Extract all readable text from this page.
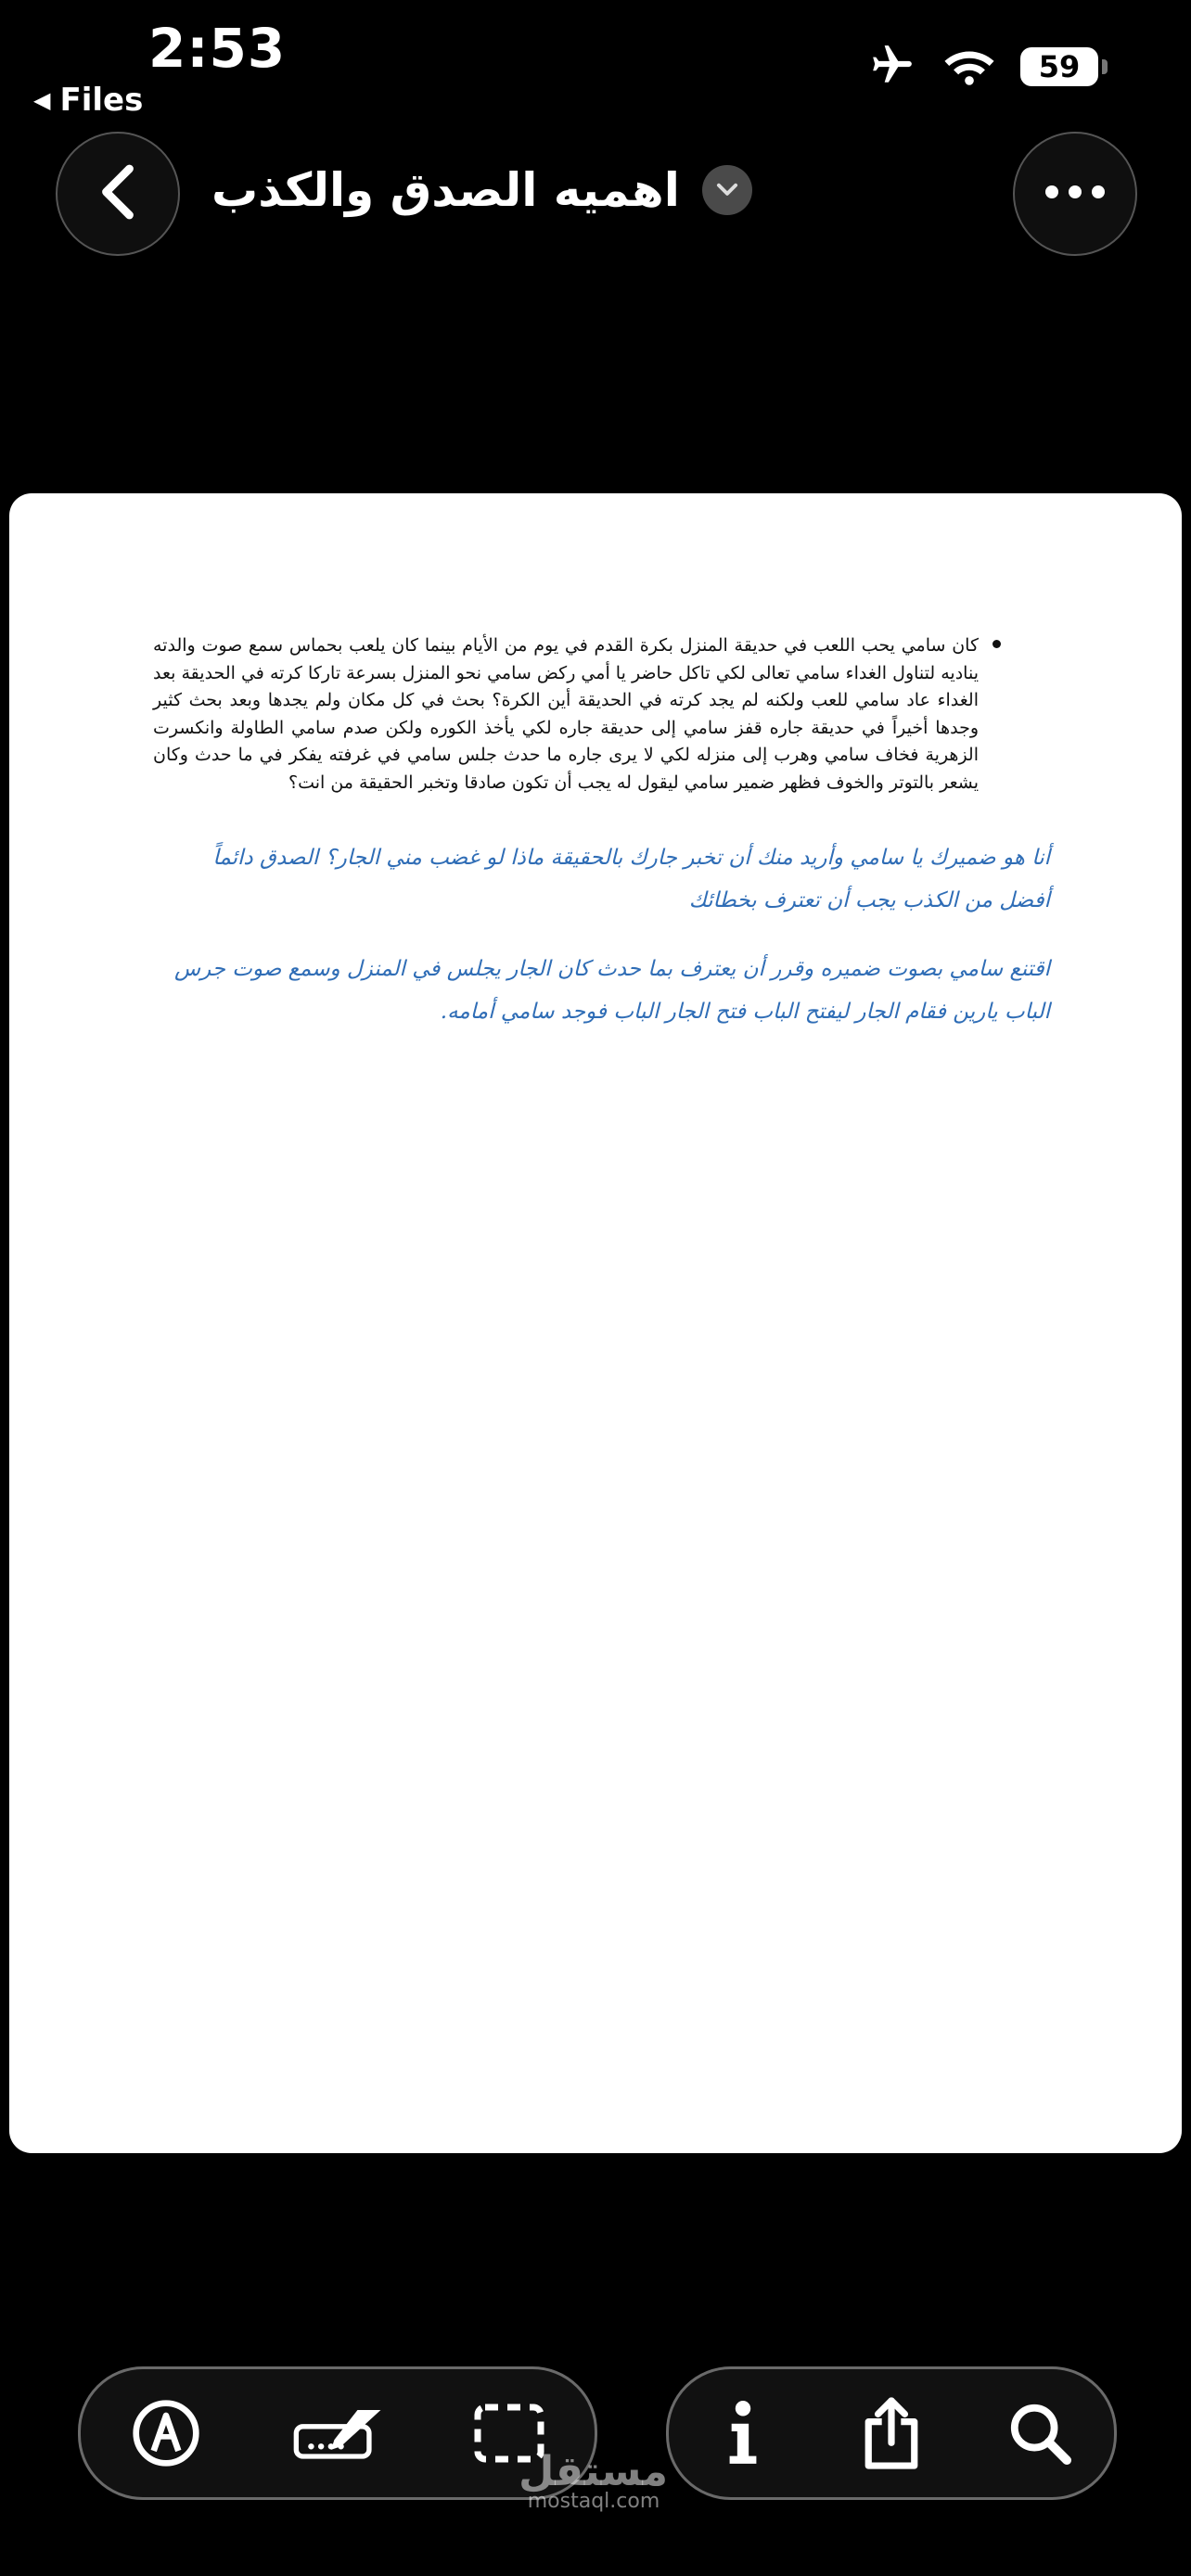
2:53
◀ Files
59
اهميه الصدق والكذب
كان سامي يحب اللعب في حديقة المنزل بكرة القدم في يوم من الأيام بينما كان يلعب بحماس سمع صوت والدته يناديه لتناول الغداء سامي تعالى لكي تاكل حاضر يا أمي ركض سامي نحو المنزل بسرعة تاركا كرته في الحديقة بعد الغداء عاد سامي للعب ولكنه لم يجد كرته في الحديقة أين الكرة؟ بحث في كل مكان ولم يجدها وبعد بحث كثير وجدها أخيراً في حديقة جاره قفز سامي إلى حديقة جاره لكي يأخذ الكوره ولكن صدم سامي الطاولة وانكسرت الزهرية فخاف سامي وهرب إلى منزله لكي لا يرى جاره ما حدث جلس سامي في غرفته يفكر في ما حدث وكان يشعر بالتوتر والخوف فظهر ضمير سامي ليقول له يجب أن تكون صادقا وتخبر الحقيقة من انت؟
أنا هو ضميرك يا سامي وأريد منك أن تخبر جارك بالحقيقة ماذا لو غضب مني الجار؟ الصدق دائماً أفضل من الكذب يجب أن تعترف بخطائك
اقتنع سامي بصوت ضميره وقرر أن يعترف بما حدث كان الجار يجلس في المنزل وسمع صوت جرس الباب يارين فقام الجار ليفتح الباب فتح الجار الباب فوجد سامي أمامه.
مستقل
mostaql.com
